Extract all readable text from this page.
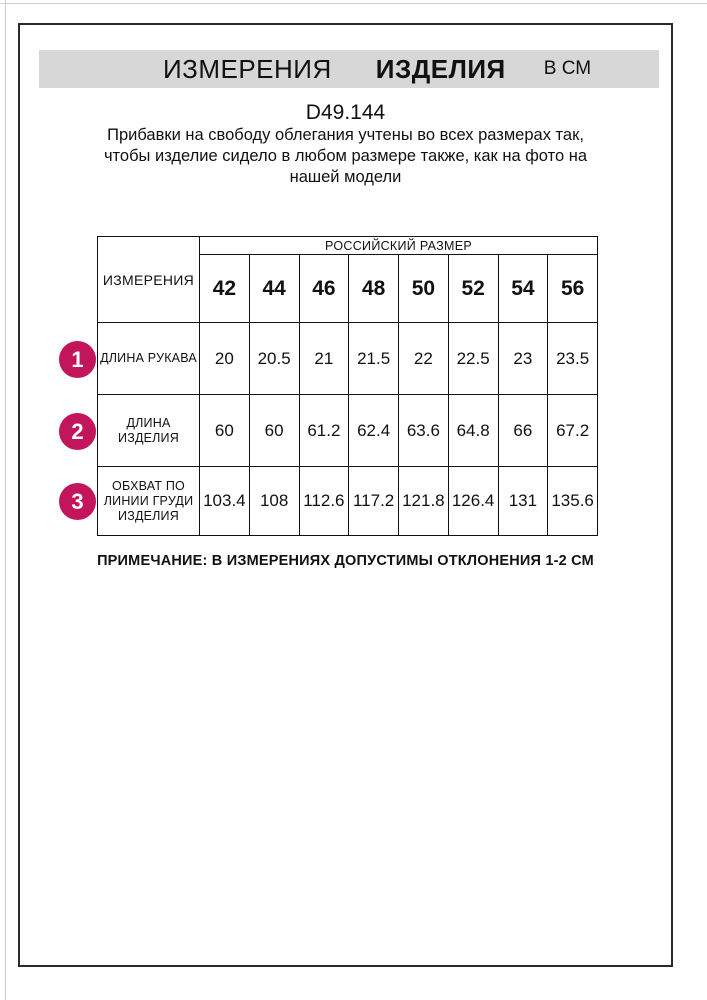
ИЗМЕРЕНИЯ ИЗДЕЛИЯ В СМ
D49.144
Прибавки на свободу облегания учтены во всех размерах так, чтобы изделие сидело в любом размере также, как на фото на нашей модели
ИЗМЕРЕНИЯ	РОССИЙСКИЙ РАЗМЕР							
	42	44	46	48	50	52	54	56
ДЛИНА РУКАВА	20	20.5	21	21.5	22	22.5	23	23.5
ДЛИНА ИЗДЕЛИЯ	60	60	61.2	62.4	63.6	64.8	66	67.2
ОБХВАТ ПО ЛИНИИ ГРУДИ ИЗДЕЛИЯ	103.4	108	112.6	117.2	121.8	126.4	131	135.6
1
2
3
ПРИМЕЧАНИЕ: В ИЗМЕРЕНИЯХ ДОПУСТИМЫ ОТКЛОНЕНИЯ 1-2 СМ
